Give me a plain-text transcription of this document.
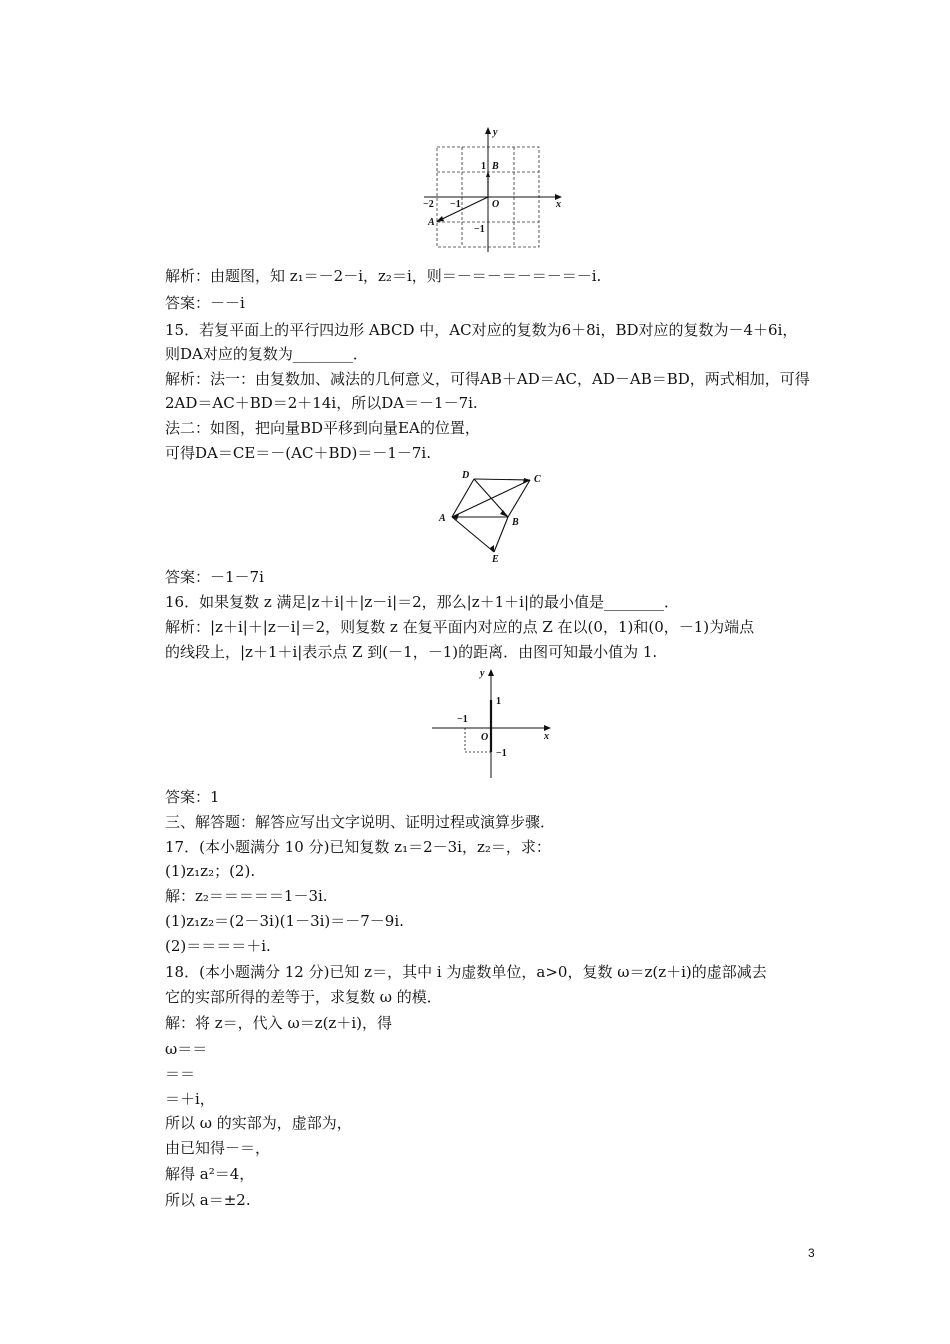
y
x
B
1
O
−2 −1
A
−1
解析：由题图，知 z₁＝－2－i，z₂＝i，则＝－＝－＝－＝－＝－i.
答案：－－i
15．若复平面上的平行四边形 ABCD 中，AC对应的复数为6＋8i，BD对应的复数为－4＋6i，
则DA对应的复数为________．
解析：法一：由复数加、减法的几何意义，可得AB＋AD＝AC，AD－AB＝BD，两式相加，可得
2AD＝AC＋BD＝2＋14i，所以DA＝－1－7i.
法二：如图，把向量BD平移到向量EA的位置，
可得DA＝CE＝－(AC＋BD)＝－1－7i.
D	C
A	B
E
答案：－1－7i
16．如果复数 z 满足|z＋i|＋|z－i|＝2，那么|z＋1＋i|的最小值是________．
解析：|z＋i|＋|z－i|＝2，则复数 z 在复平面内对应的点 Z 在以(0，1)和(0，－1)为端点
的线段上，|z＋1＋i|表示点 Z 到(－1，－1)的距离．由图可知最小值为 1.
y
1
−1
O	x
−1
答案：1
三、解答题：解答应写出文字说明、证明过程或演算步骤．
17．(本小题满分 10 分)已知复数 z₁＝2－3i，z₂＝，求：
(1)z₁z₂；(2).
解：z₂＝＝＝＝＝1－3i.
(1)z₁z₂＝(2－3i)(1－3i)＝－7－9i.
(2)＝＝＝＝＋i.
18．(本小题满分 12 分)已知 z＝，其中 i 为虚数单位，a>0，复数 ω＝z(z＋i)的虚部减去
它的实部所得的差等于，求复数 ω 的模．
解：将 z＝，代入 ω＝z(z＋i)，得
ω＝＝
＝＝
＝＋i，
所以 ω 的实部为，虚部为，
由已知得－＝，
解得 a²＝4，
所以 a＝±2.
3
